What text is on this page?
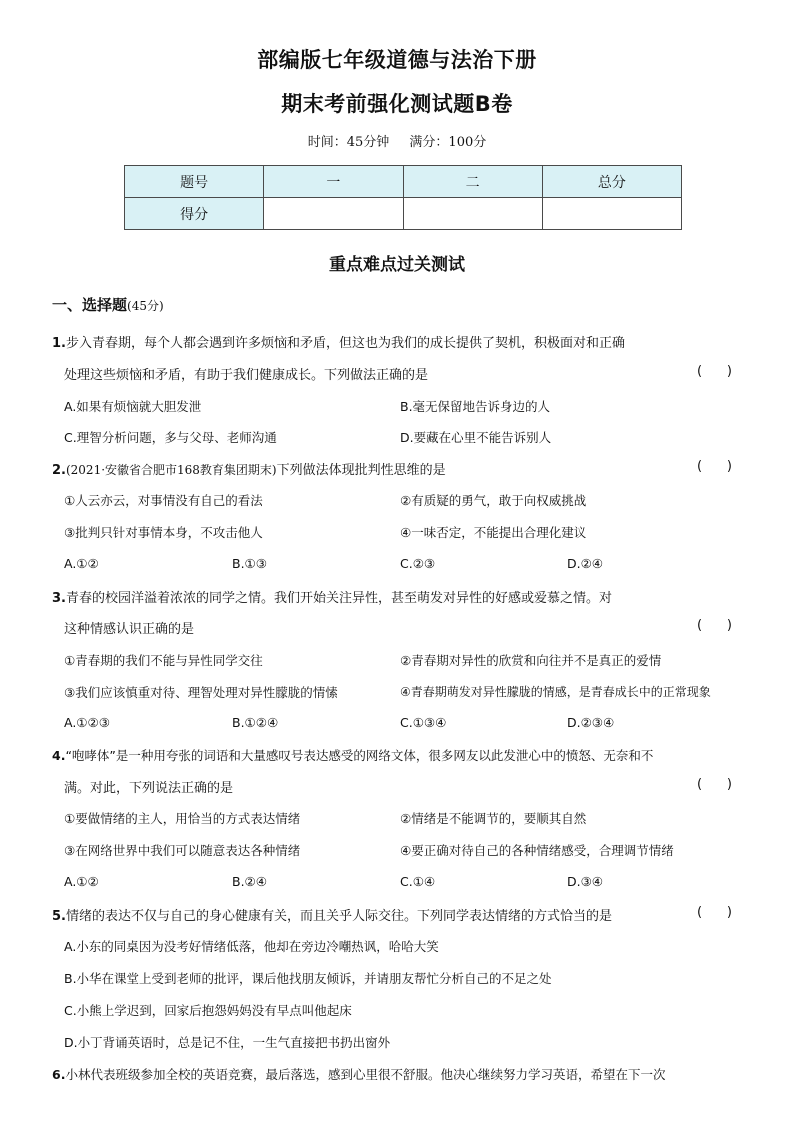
部编版七年级道德与法治下册
期末考前强化测试题B卷
时间：45分钟 满分：100分
题号	一	二	总分
得分			
重点难点过关测试
一、选择题(45分)
1.步入青春期，每个人都会遇到许多烦恼和矛盾，但这也为我们的成长提供了契机，积极面对和正确
处理这些烦恼和矛盾，有助于我们健康成长。下列做法正确的是	(      )
A.如果有烦恼就大胆发泄	B.毫无保留地告诉身边的人
C.理智分析问题，多与父母、老师沟通	D.要藏在心里不能告诉别人
2.(2021·安徽省合肥市168教育集团期末)下列做法体现批判性思维的是	(      )
①人云亦云，对事情没有自己的看法	②有质疑的勇气，敢于向权威挑战
③批判只针对事情本身，不攻击他人	④一味否定，不能提出合理化建议
A.①②	B.①③	C.②③	D.②④
3.青春的校园洋溢着浓浓的同学之情。我们开始关注异性，甚至萌发对异性的好感或爱慕之情。对
这种情感认识正确的是	(      )
①青春期的我们不能与异性同学交往	②青春期对异性的欣赏和向往并不是真正的爱情
③我们应该慎重对待、理智处理对异性朦胧的情愫	④青春期萌发对异性朦胧的情感，是青春成长中的正常现象
A.①②③	B.①②④	C.①③④	D.②③④
4.“咆哮体”是一种用夸张的词语和大量感叹号表达感受的网络文体，很多网友以此发泄心中的愤怒、无奈和不
满。对此，下列说法正确的是	(      )
①要做情绪的主人，用恰当的方式表达情绪	②情绪是不能调节的，要顺其自然
③在网络世界中我们可以随意表达各种情绪	④要正确对待自己的各种情绪感受，合理调节情绪
A.①②	B.②④	C.①④	D.③④
5.情绪的表达不仅与自己的身心健康有关，而且关乎人际交往。下列同学表达情绪的方式恰当的是	(      )
A.小东的同桌因为没考好情绪低落，他却在旁边冷嘲热讽，哈哈大笑
B.小华在课堂上受到老师的批评，课后他找朋友倾诉，并请朋友帮忙分析自己的不足之处
C.小熊上学迟到，回家后抱怨妈妈没有早点叫他起床
D.小丁背诵英语时，总是记不住，一生气直接把书扔出窗外
6.小林代表班级参加全校的英语竞赛，最后落选，感到心里很不舒服。他决心继续努力学习英语，希望在下一次
